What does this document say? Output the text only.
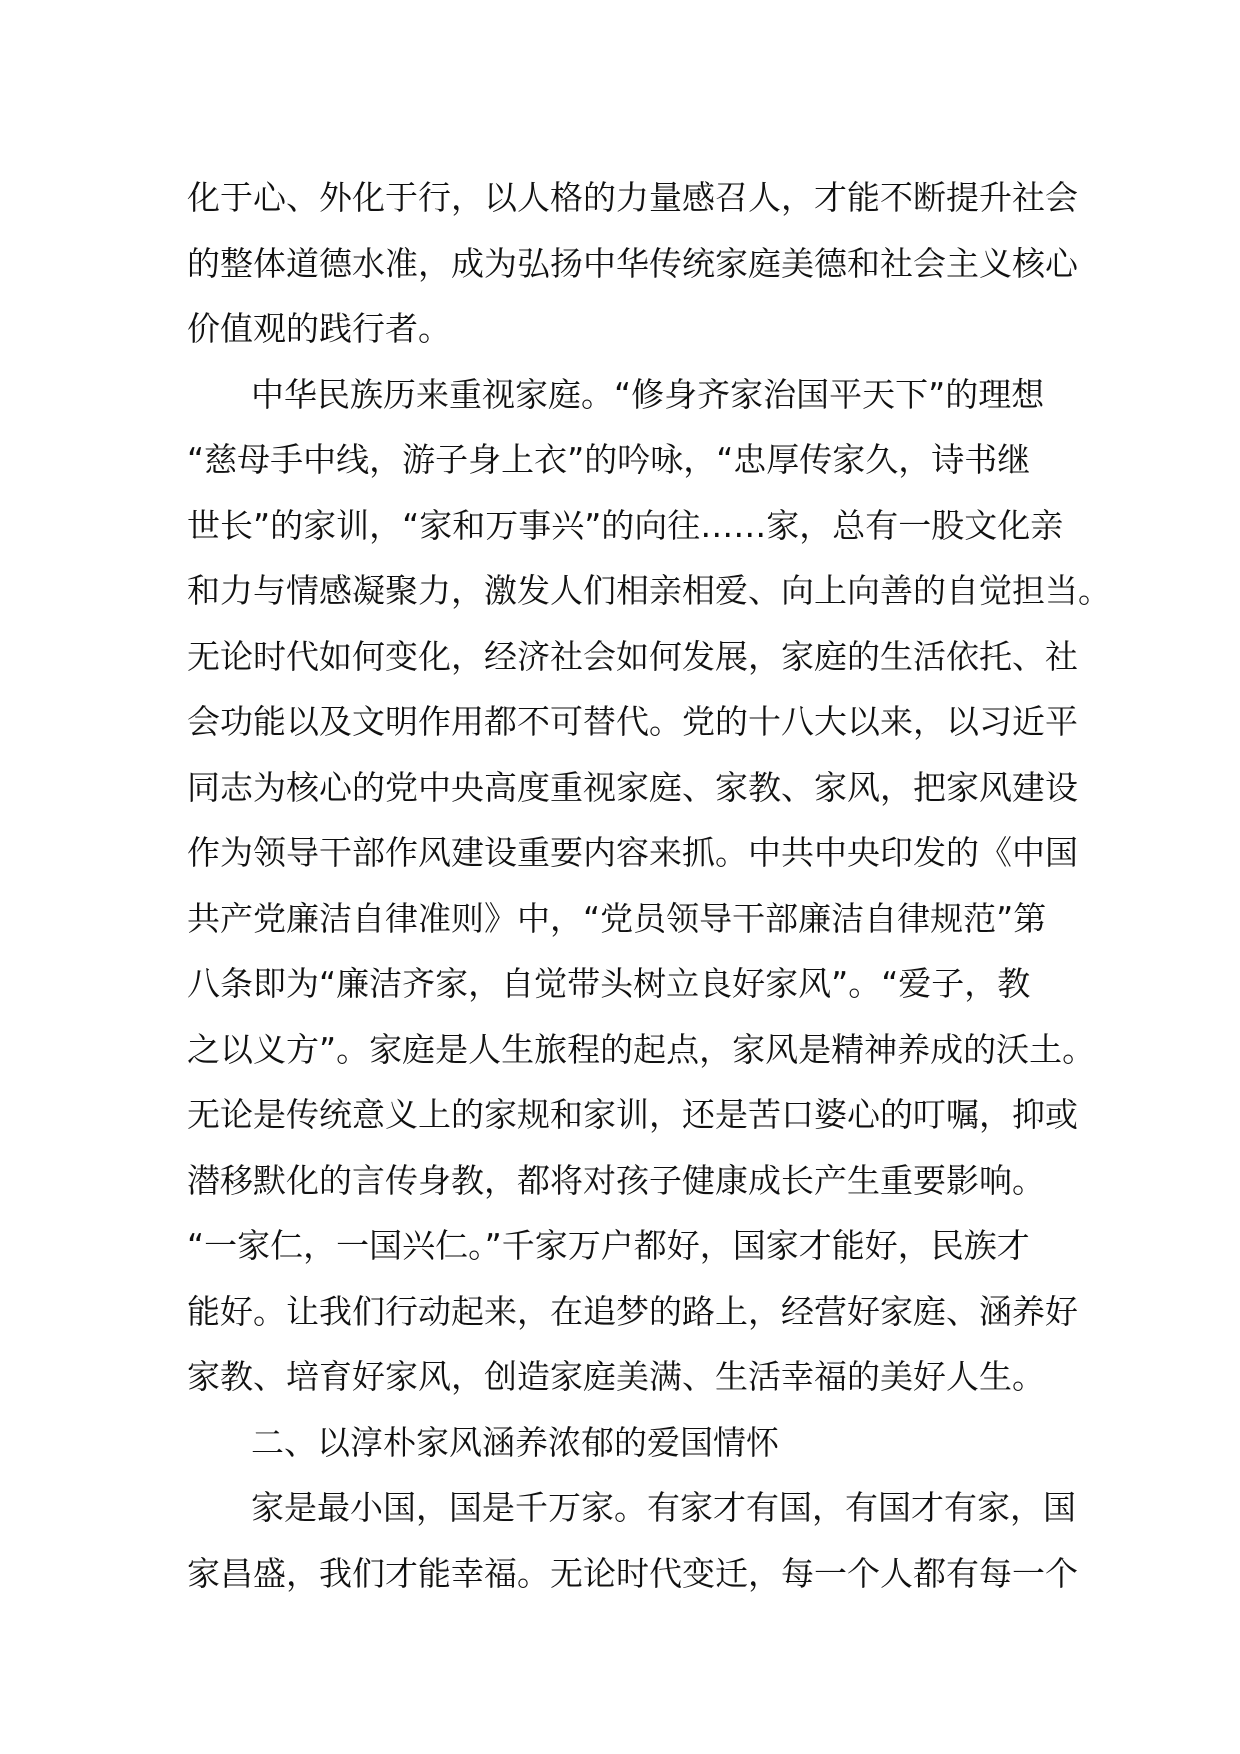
化于心、外化于行，以人格的力量感召人，才能不断提升社会
的整体道德水准，成为弘扬中华传统家庭美德和社会主义核心
价值观的践行者。

中华民族历来重视家庭。“修身齐家治国平天下”的理想
“慈母手中线，游子身上衣”的吟咏，“忠厚传家久，诗书继
世长”的家训，“家和万事兴”的向往……家，总有一股文化亲
和力与情感凝聚力，激发人们相亲相爱、向上向善的自觉担当。
无论时代如何变化，经济社会如何发展，家庭的生活依托、社
会功能以及文明作用都不可替代。党的十八大以来，以习近平
同志为核心的党中央高度重视家庭、家教、家风，把家风建设
作为领导干部作风建设重要内容来抓。中共中央印发的《中国
共产党廉洁自律准则》中，“党员领导干部廉洁自律规范”第
八条即为“廉洁齐家，自觉带头树立良好家风”。“爱子，教
之以义方”。家庭是人生旅程的起点，家风是精神养成的沃土。
无论是传统意义上的家规和家训，还是苦口婆心的叮嘱，抑或
潜移默化的言传身教，都将对孩子健康成长产生重要影响。
“一家仁，一国兴仁。”千家万户都好，国家才能好，民族才
能好。让我们行动起来，在追梦的路上，经营好家庭、涵养好
家教、培育好家风，创造家庭美满、生活幸福的美好人生。

二、以淳朴家风涵养浓郁的爱国情怀

家是最小国，国是千万家。有家才有国，有国才有家，国
家昌盛，我们才能幸福。无论时代变迁，每一个人都有每一个
